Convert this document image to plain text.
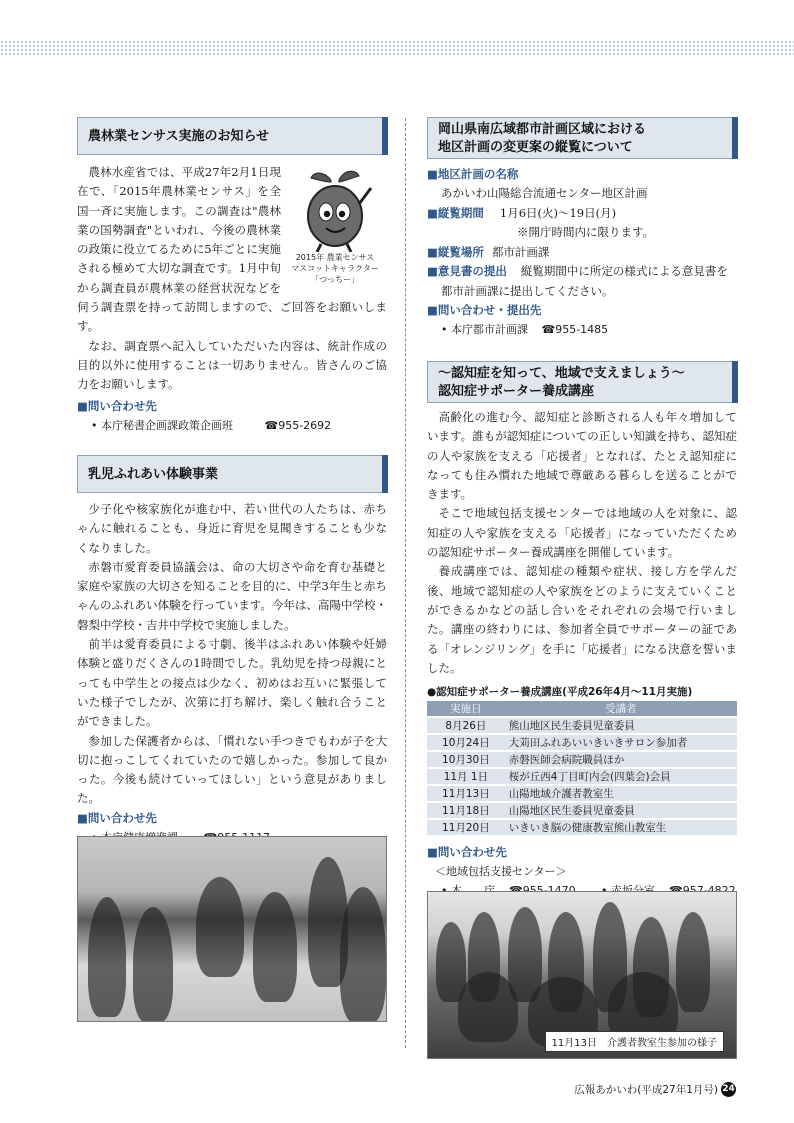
農林業センサス実施のお知らせ
2015年 農業センサス
マスコットキャラクター
「つっちー」

農林水産省では、平成27年2月1日現在で、「2015年農林業センサス」を全国一斉に実施します。この調査は"農林業の国勢調査"といわれ、今後の農林業の政策に役立てるために5年ごとに実施される極めて大切な調査です。1月中旬から調査員が農林業の経営状況などを伺う調査票を持って訪問しますので、ご回答をお願いします。

なお、調査票へ記入していただいた内容は、統計作成の目的以外に使用することは一切ありません。皆さんのご協力をお願いします。

■ 問い合わせ先
• 本庁秘書企画課政策企画班	☎955-2692
乳児ふれあい体験事業

少子化や核家族化が進む中、若い世代の人たちは、赤ちゃんに触れることも、身近に育児を見聞きすることも少なくなりました。

赤磐市愛育委員協議会は、命の大切さや命を育む基礎と家庭や家族の大切さを知ることを目的に、中学3年生と赤ちゃんのふれあい体験を行っています。今年は、高陽中学校・磐梨中学校・吉井中学校で実施しました。

前半は愛育委員による寸劇、後半はふれあい体験や妊婦体験と盛りだくさんの1時間でした。乳幼児を持つ母親にとっても中学生との接点は少なく、初めはお互いに緊張していた様子でしたが、次第に打ち解け、楽しく触れ合うことができました。

参加した保護者からは、「慣れない手つきでもわが子を大切に抱っこしてくれていたので嬉しかった。参加して良かった。今後も続けていってほしい」という意見がありました。

■ 問い合わせ先
•
岡山県南広域都市計画区域における
地区計画の変更案の縦覧について
■ 地区計画の名称
あかいわ山陽総合流通センター地区計画
■ 縦覧期間 1月6日(火)～19日(月)
※開庁時間内に限ります。
■ 縦覧場所 都市計画課
■ 意見書の提出 縦覧期間中に所定の様式による意見書を都市計画課に提出してください。
■ 問い合わせ・提出先
• 本庁都市計画課 ☎955-1485
～認知症を知って、地域で支えましょう～
認知症サポーター養成講座

高齢化の進む今、認知症と診断される人も年々増加しています。誰もが認知症についての正しい知識を持ち、認知症の人や家族を支える「応援者」となれば、たとえ認知症になっても住み慣れた地域で尊厳ある暮らしを送ることができます。

そこで地域包括支援センターでは地域の人を対象に、認知症の人や家族を支える「応援者」になっていただくための認知症サポーター養成講座を開催しています。

養成講座では、認知症の種類や症状、接し方を学んだ後、地域で認知症の人や家族をどのように支えていくことができるかなどの話し合いをそれぞれの会場で行いました。講座の終わりには、参加者全員でサポーターの証である「オレンジリング」を手に「応援者」になる決意を誓いました。

●認知症サポーター養成講座(平成26年4月～11月実施)
実施日	受講者
8月26日	熊山地区民生委員児童委員
10月24日	大苅田ふれあいいきいきサロン参加者
10月30日	赤磐医師会病院職員ほか
11月 1日	桜が丘西4丁目町内会(四葉会)会員
11月13日	山陽地域介護者教室生
11月18日	山陽地区民生委員児童委員
11月20日	いきいき脳の健康教室熊山教室生
■ 問い合わせ先
＜地域包括支援センター＞
11月13日　介護者教室生参加の様子
広報あかいわ(平成27年1月号) 24
